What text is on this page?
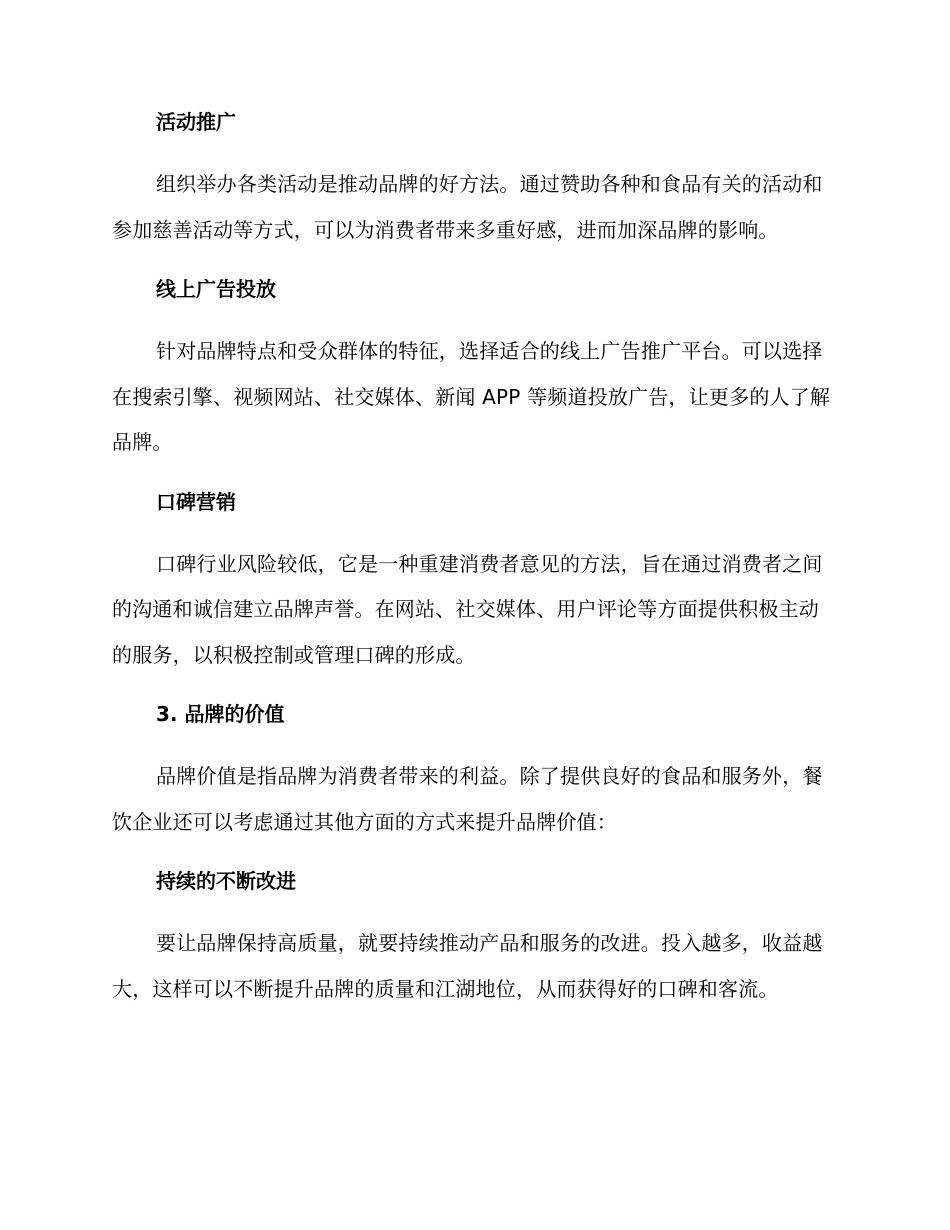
活动推广
组织举办各类活动是推动品牌的好方法。通过赞助各种和食品有关的活动和参加慈善活动等方式，可以为消费者带来多重好感，进而加深品牌的影响。
线上广告投放
针对品牌特点和受众群体的特征，选择适合的线上广告推广平台。可以选择在搜索引擎、视频网站、社交媒体、新闻 APP 等频道投放广告，让更多的人了解品牌。
口碑营销
口碑行业风险较低，它是一种重建消费者意见的方法，旨在通过消费者之间的沟通和诚信建立品牌声誉。在网站、社交媒体、用户评论等方面提供积极主动的服务，以积极控制或管理口碑的形成。
3. 品牌的价值
品牌价值是指品牌为消费者带来的利益。除了提供良好的食品和服务外，餐饮企业还可以考虑通过其他方面的方式来提升品牌价值：
持续的不断改进
要让品牌保持高质量，就要持续推动产品和服务的改进。投入越多，收益越大，这样可以不断提升品牌的质量和江湖地位，从而获得好的口碑和客流。
